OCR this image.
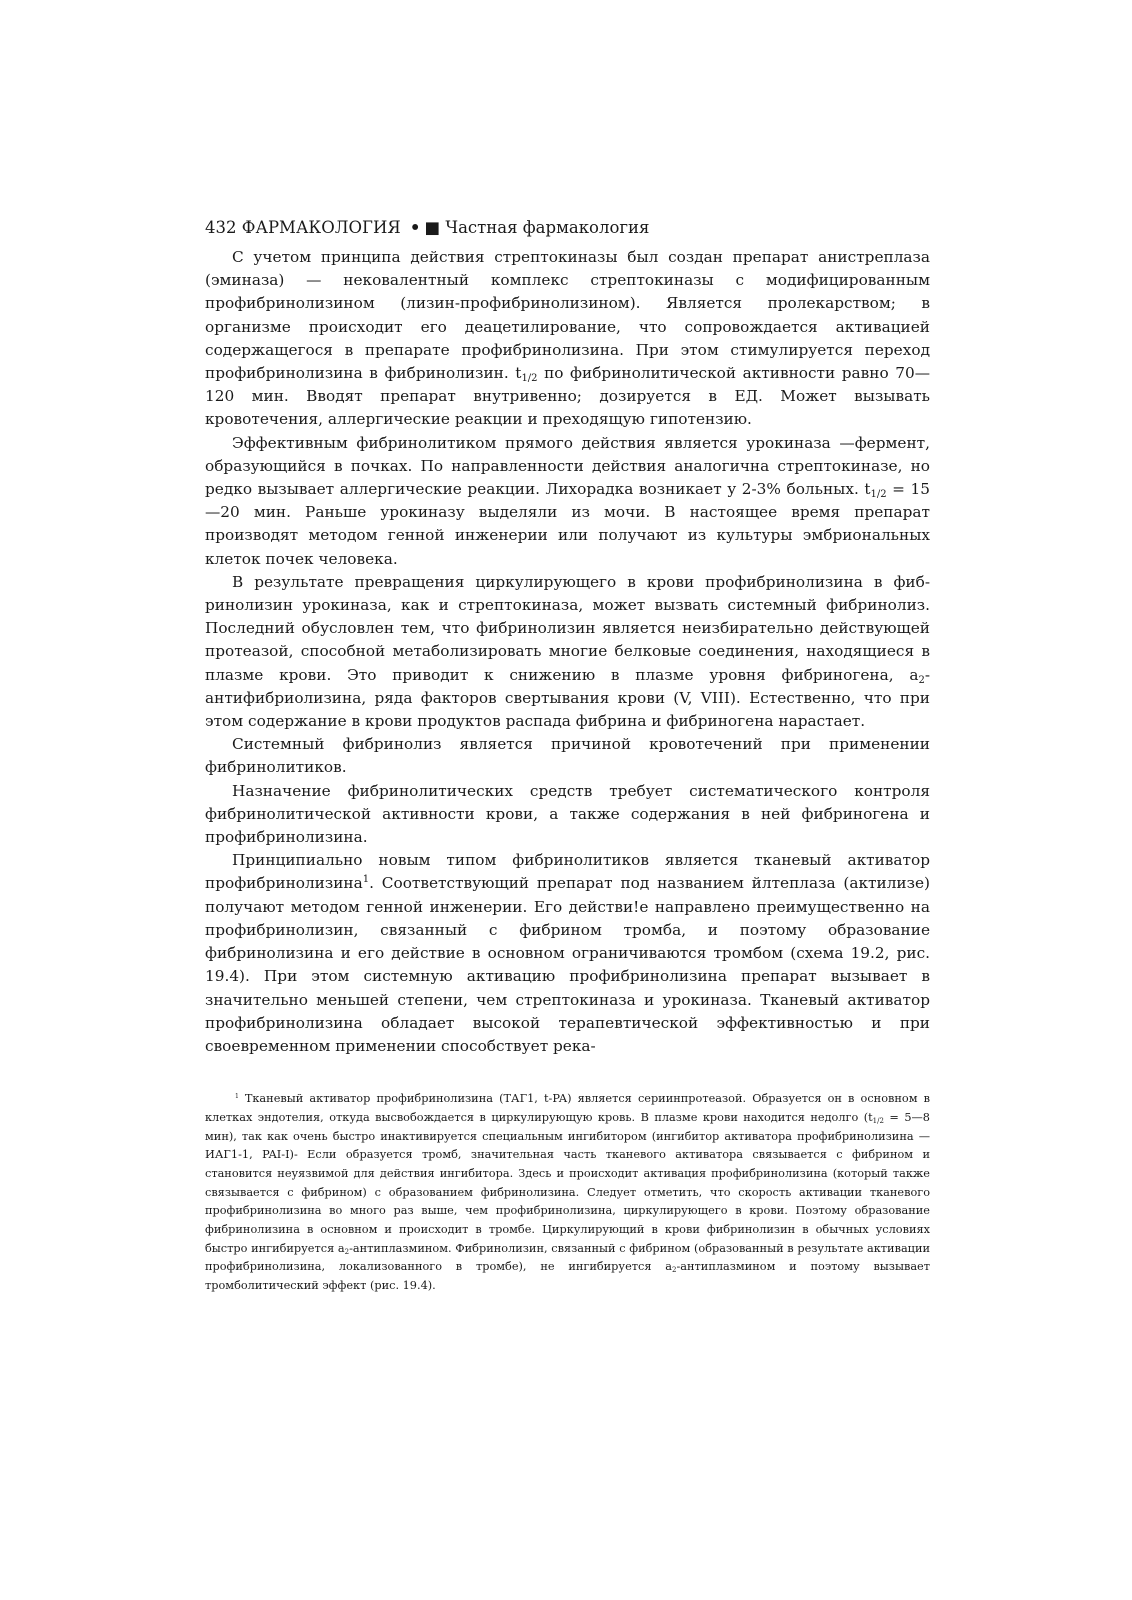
432 ФАРМАКОЛОГИЯ • ■ Частная фармакология

С учетом принципа действия стрептокиназы был создан препарат анистреплаза (эминаза) — нековалентный комплекс стрептокиназы с модифицированным профибринолизином (лизин-профибринолизином). Является пролекарством; в организме происходит его деацетилирование, что сопровождается активацией содержащегося в препарате профибринолизина. При этом стимулируется переход профибринолизина в фибринолизин. $t_{1/2}$ по фибринолитической активности равно 70—120 мин. Вводят препарат внутривенно; дозируется в ЕД. Может вызывать кровотечения, аллергические реакции и преходящую гипотензию.

Эффективным фибринолитиком прямого действия является урокиназа —фермент, образующийся в почках. По направленности действия аналогична стрептокиназе, но редко вызывает аллергические реакции. Лихорадка возникает у 2-3% больных. $t_{1/2}$ = 15—20 мин. Раньше урокиназу выделяли из мочи. В настоящее время препарат производят методом генной инженерии или получают из культуры эмбриональных клеток почек человека.

В результате превращения циркулирующего в крови профибринолизина в фибринолизин урокиназа, как и стрептокиназа, может вызвать системный фибринолиз. Последний обусловлен тем, что фибринолизин является неизбирательно действующей протеазой, способной метаболизировать многие белковые соединения, находящиеся в плазме крови. Это приводит к снижению в плазме уровня фибриногена, $а_2$-антифибриолизина, ряда факторов свертывания крови (V, VIII). Естественно, что при этом содержание в крови продуктов распада фибрина и фибриногена нарастает.

Системный фибринолиз является причиной кровотечений при применении фибринолитиков.

Назначение фибринолитических средств требует систематического контроля фибринолитической активности крови, а также содержания в ней фибриногена и профибринолизина.

Принципиально новым типом фибринолитиков является тканевый активатор профибринолизина$^1$. Соответствующий препарат под названием йлтеплаза (актилизе) получают методом генной инженерии. Его действи!е направлено преимущественно на профибринолизин, связанный с фибрином тромба, и поэтому образование фибринолизина и его действие в основном ограничиваются тромбом (схема 19.2, рис. 19.4). При этом системную активацию профибринолизина препарат вызывает в значительно меньшей степени, чем стрептокиназа и урокиназа. Тканевый активатор профибринолизина обладает высокой терапевтической эффективностью и при своевременном применении способствует река-

$^1$ Тканевый активатор профибринолизина (ТАГ1, t-PA) является сериинпротеазой. Образуется он в основном в клетках эндотелия, откуда высвобождается в циркулирующую кровь. В плазме крови находится недолго (t1/2 = 5—8 мин), так как очень быстро инактивируется специальным ингибитором (ингибитор активатора профибринолизина — ИАГ1-1, PAI-I)- Если образуется тромб, значительная часть тканевого активатора связывается с фибрином и становится неуязвимой для действия ингибитора. Здесь и происходит активация профибринолизина (который также связывается с фибрином) с образованием фибринолизина. Следует отметить, что скорость активации тканевого профибринолизина во много раз выше, чем профибринолизина, циркулирующего в крови. Поэтому образование фибринолизина в основном и происходит в тромбе. Циркулирующий в крови фибринолизин в обычных условиях быстро ингибируется а2-антиплазмином. Фибринолизин, связанный с фибрином (образованный в результате активации профибринолизина, локализованного в тромбе), не ингибируется а2-антиплазмином и поэтому вызывает тромболитический эффект (рис. 19.4).
